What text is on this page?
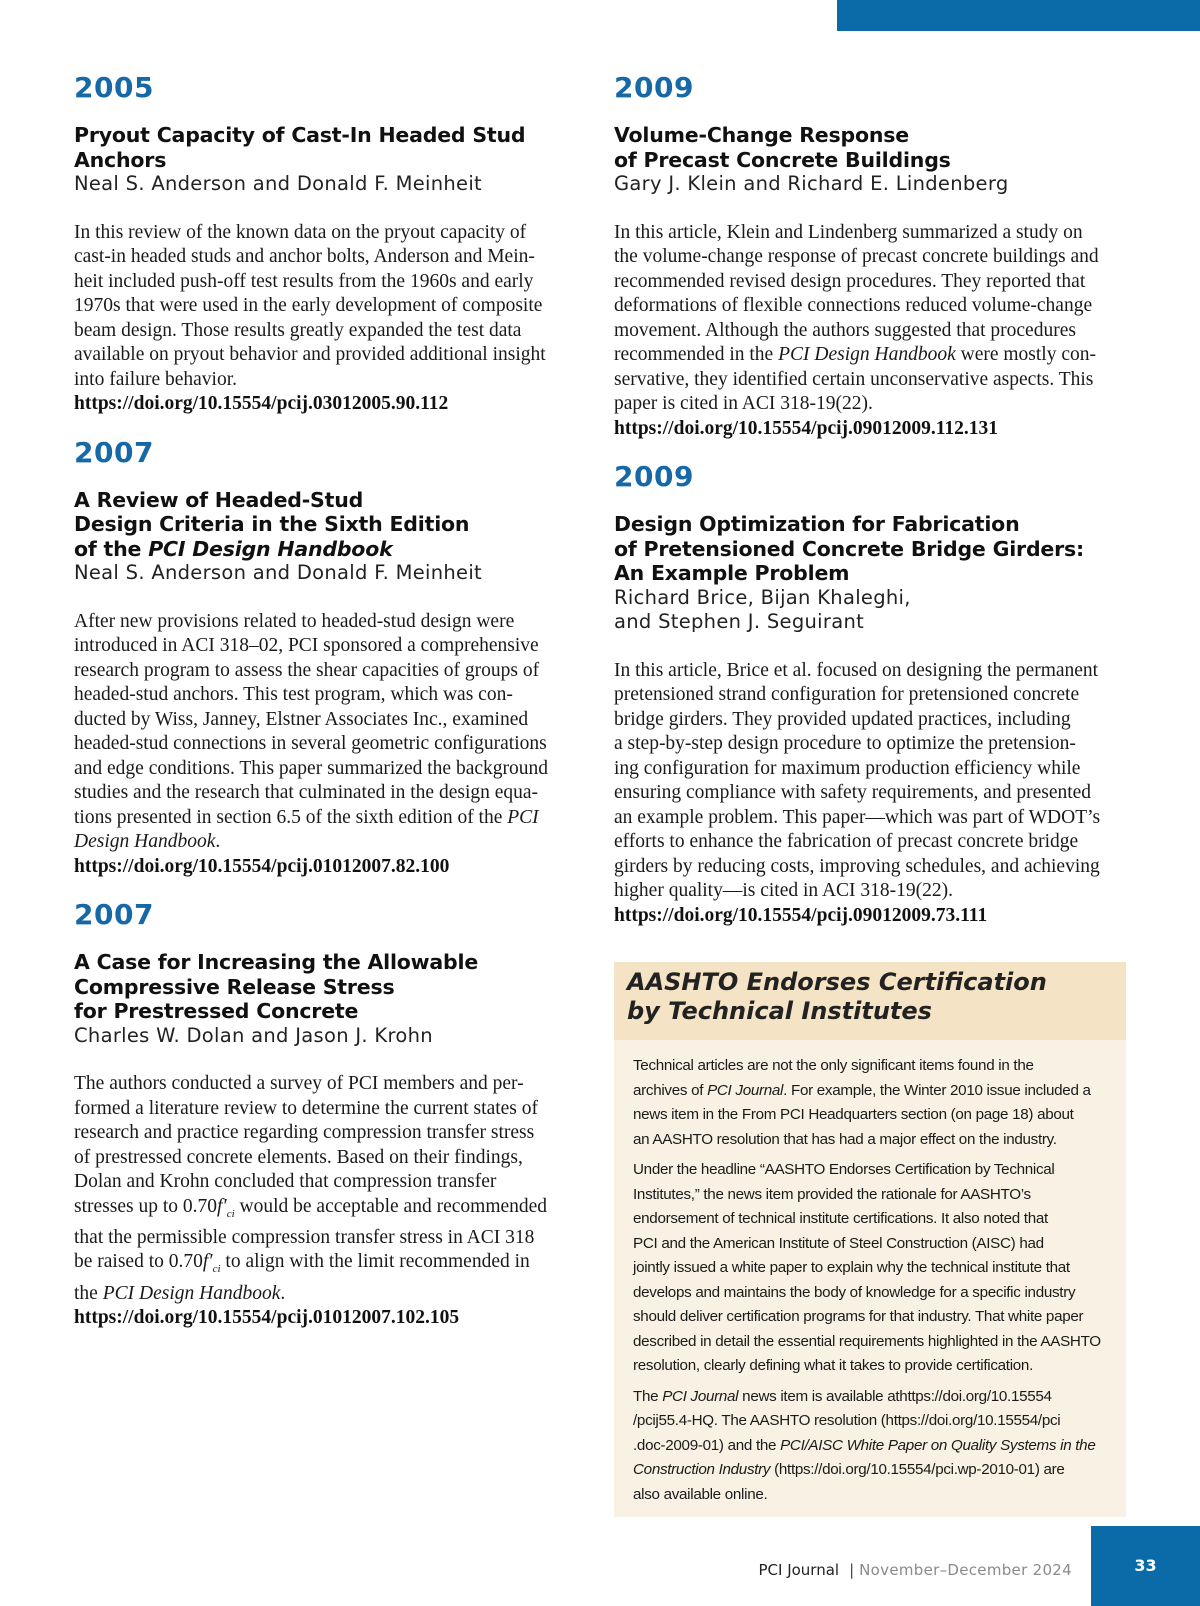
2005
Pryout Capacity of Cast-In Headed Stud
Anchors
Neal S. Anderson and Donald F. Meinheit

In this review of the known data on the pryout capacity of
cast-in headed studs and anchor bolts, Anderson and Mein-
heit included push-off test results from the 1960s and early
1970s that were used in the early development of composite
beam design. Those results greatly expanded the test data
available on pryout behavior and provided additional insight
into failure behavior.

https://doi.org/10.15554/pcij.03012005.90.112
2007
A Review of Headed-Stud
Design Criteria in the Sixth Edition
of the PCI Design Handbook
Neal S. Anderson and Donald F. Meinheit

After new provisions related to headed-stud design were
introduced in ACI 318–02, PCI sponsored a comprehensive
research program to assess the shear capacities of groups of
headed-stud anchors. This test program, which was con-
ducted by Wiss, Janney, Elstner Associates Inc., examined
headed-stud connections in several geometric configurations
and edge conditions. This paper summarized the background
studies and the research that culminated in the design equa-
tions presented in section 6.5 of the sixth edition of the PCI
Design Handbook.

https://doi.org/10.15554/pcij.01012007.82.100
2007
A Case for Increasing the Allowable
Compressive Release Stress
for Prestressed Concrete
Charles W. Dolan and Jason J. Krohn

The authors conducted a survey of PCI members and per-
formed a literature review to determine the current states of
research and practice regarding compression transfer stress
of prestressed concrete elements. Based on their findings,
Dolan and Krohn concluded that compression transfer
stresses up to $0.70f'_{ci}$ would be acceptable and recommended
that the permissible compression transfer stress in ACI 318
be raised to $0.70f'_{ci}$ to align with the limit recommended in
the PCI Design Handbook.

https://doi.org/10.15554/pcij.01012007.102.105
2009
Volume-Change Response
of Precast Concrete Buildings
Gary J. Klein and Richard E. Lindenberg

In this article, Klein and Lindenberg summarized a study on
the volume-change response of precast concrete buildings and
recommended revised design procedures. They reported that
deformations of flexible connections reduced volume-change
movement. Although the authors suggested that procedures
recommended in the PCI Design Handbook were mostly con-
servative, they identified certain unconservative aspects. This
paper is cited in ACI 318-19(22).

https://doi.org/10.15554/pcij.09012009.112.131
2009
Design Optimization for Fabrication
of Pretensioned Concrete Bridge Girders:
An Example Problem
Richard Brice, Bijan Khaleghi,
and Stephen J. Seguirant

In this article, Brice et al. focused on designing the permanent
pretensioned strand configuration for pretensioned concrete
bridge girders. They provided updated practices, including
a step-by-step design procedure to optimize the pretension-
ing configuration for maximum production efficiency while
ensuring compliance with safety requirements, and presented
an example problem. This paper—which was part of WDOT’s
efforts to enhance the fabrication of precast concrete bridge
girders by reducing costs, improving schedules, and achieving
higher quality—is cited in ACI 318-19(22).

https://doi.org/10.15554/pcij.09012009.73.111
AASHTO Endorses Certification
by Technical Institutes

Technical articles are not the only significant items found in the
archives of PCI Journal. For example, the Winter 2010 issue included a
news item in the From PCI Headquarters section (on page 18) about
an AASHTO resolution that has had a major effect on the industry.

Under the headline “AASHTO Endorses Certification by Technical
Institutes,” the news item provided the rationale for AASHTO’s
endorsement of technical institute certifications. It also noted that
PCI and the American Institute of Steel Construction (AISC) had
jointly issued a white paper to explain why the technical institute that
develops and maintains the body of knowledge for a specific industry
should deliver certification programs for that industry. That white paper
described in detail the essential requirements highlighted in the AASHTO
resolution, clearly defining what it takes to provide certification.

The PCI Journal news item is available athttps://doi.org/10.15554
/pcij55.4-HQ. The AASHTO resolution (https://doi.org/10.15554/pci
.doc-2009-01) and the PCI/AISC White Paper on Quality Systems in the
Construction Industry (https://doi.org/10.15554/pci.wp-2010-01) are
also available online.

PCI Journal | November–December 2024	33
